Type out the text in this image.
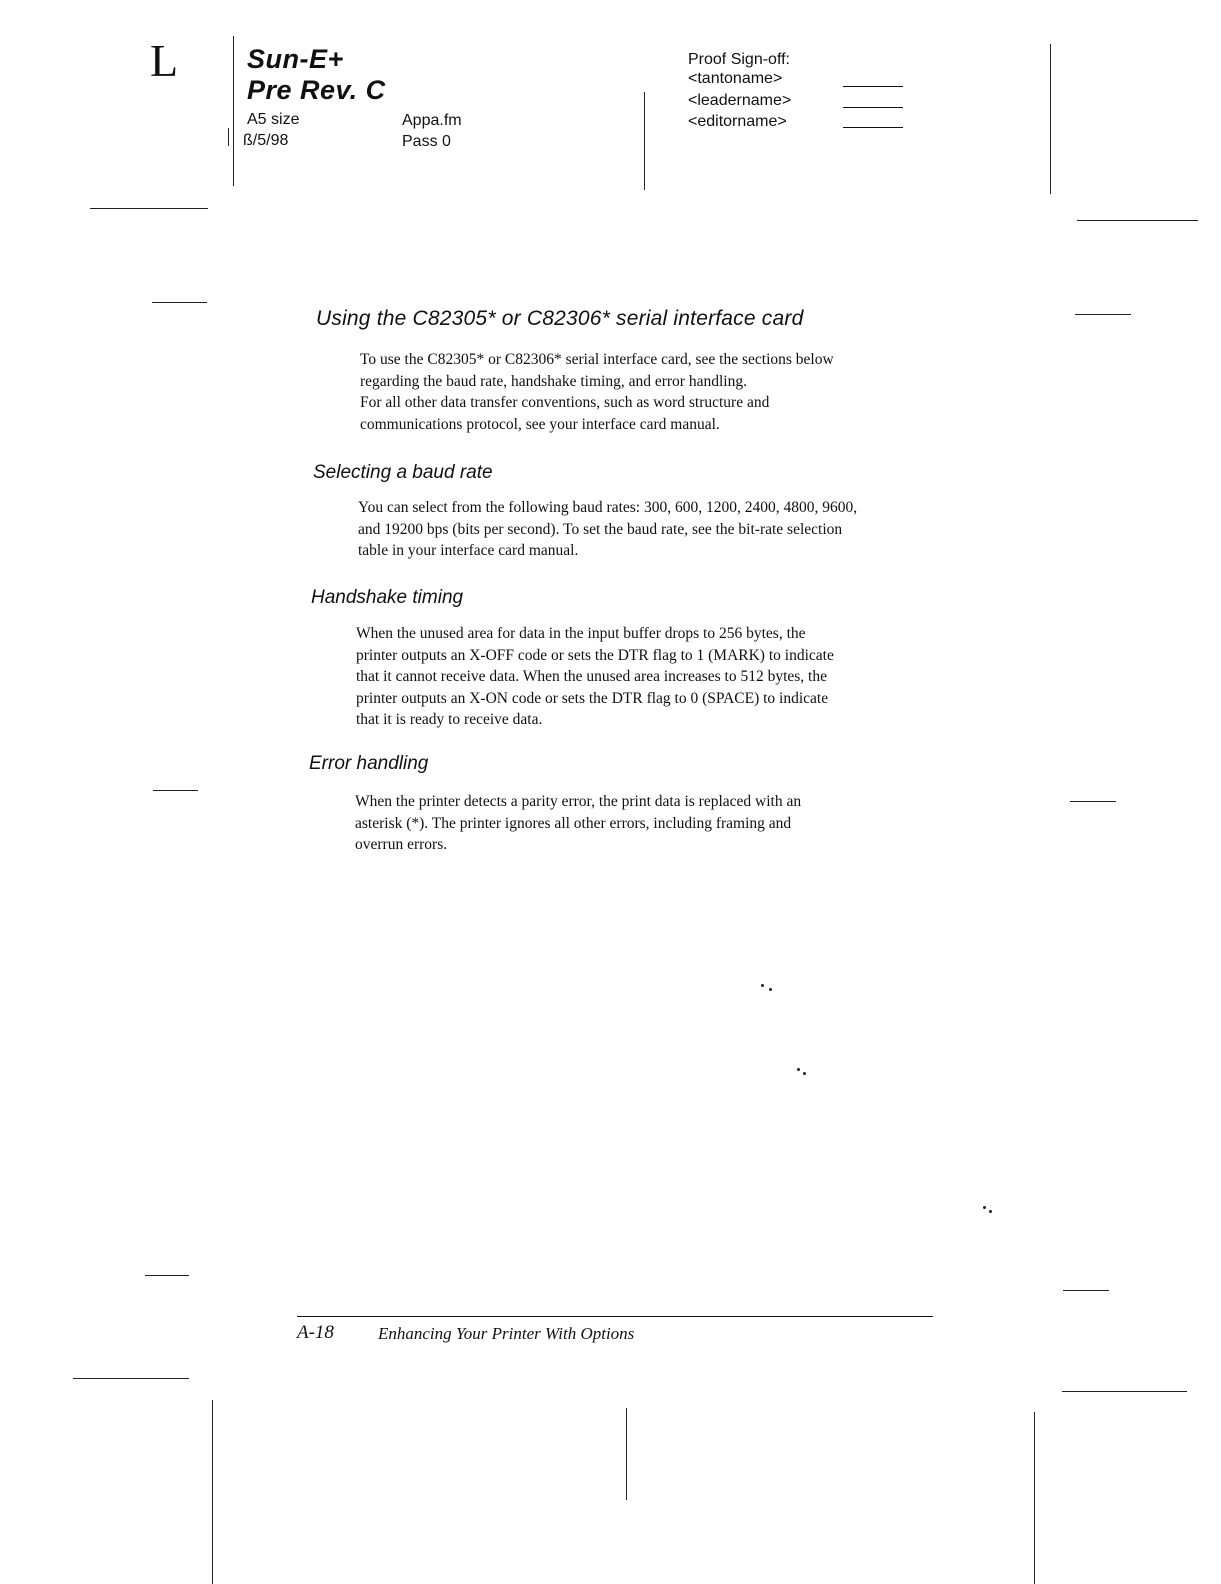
L	Sun-E+
Pre Rev. C
A5 size
ß/5/98
Appa.fm
Pass 0
Proof Sign-off:
<tantoname>
<leadername>
<editorname>
Using the C82305* or C82306* serial interface card
To use the C82305* or C82306* serial interface card, see the sections below
regarding the baud rate, handshake timing, and error handling.
For all other data transfer conventions, such as word structure and
communications protocol, see your interface card manual.
Selecting a baud rate
You can select from the following baud rates: 300, 600, 1200, 2400, 4800, 9600,
and 19200 bps (bits per second). To set the baud rate, see the bit-rate selection
table in your interface card manual.
Handshake timing
When the unused area for data in the input buffer drops to 256 bytes, the
printer outputs an X-OFF code or sets the DTR flag to 1 (MARK) to indicate
that it cannot receive data. When the unused area increases to 512 bytes, the
printer outputs an X-ON code or sets the DTR flag to 0 (SPACE) to indicate
that it is ready to receive data.
Error handling
When the printer detects a parity error, the print data is replaced with an
asterisk (*). The printer ignores all other errors, including framing and
overrun errors.
A-18	Enhancing Your Printer With Options
